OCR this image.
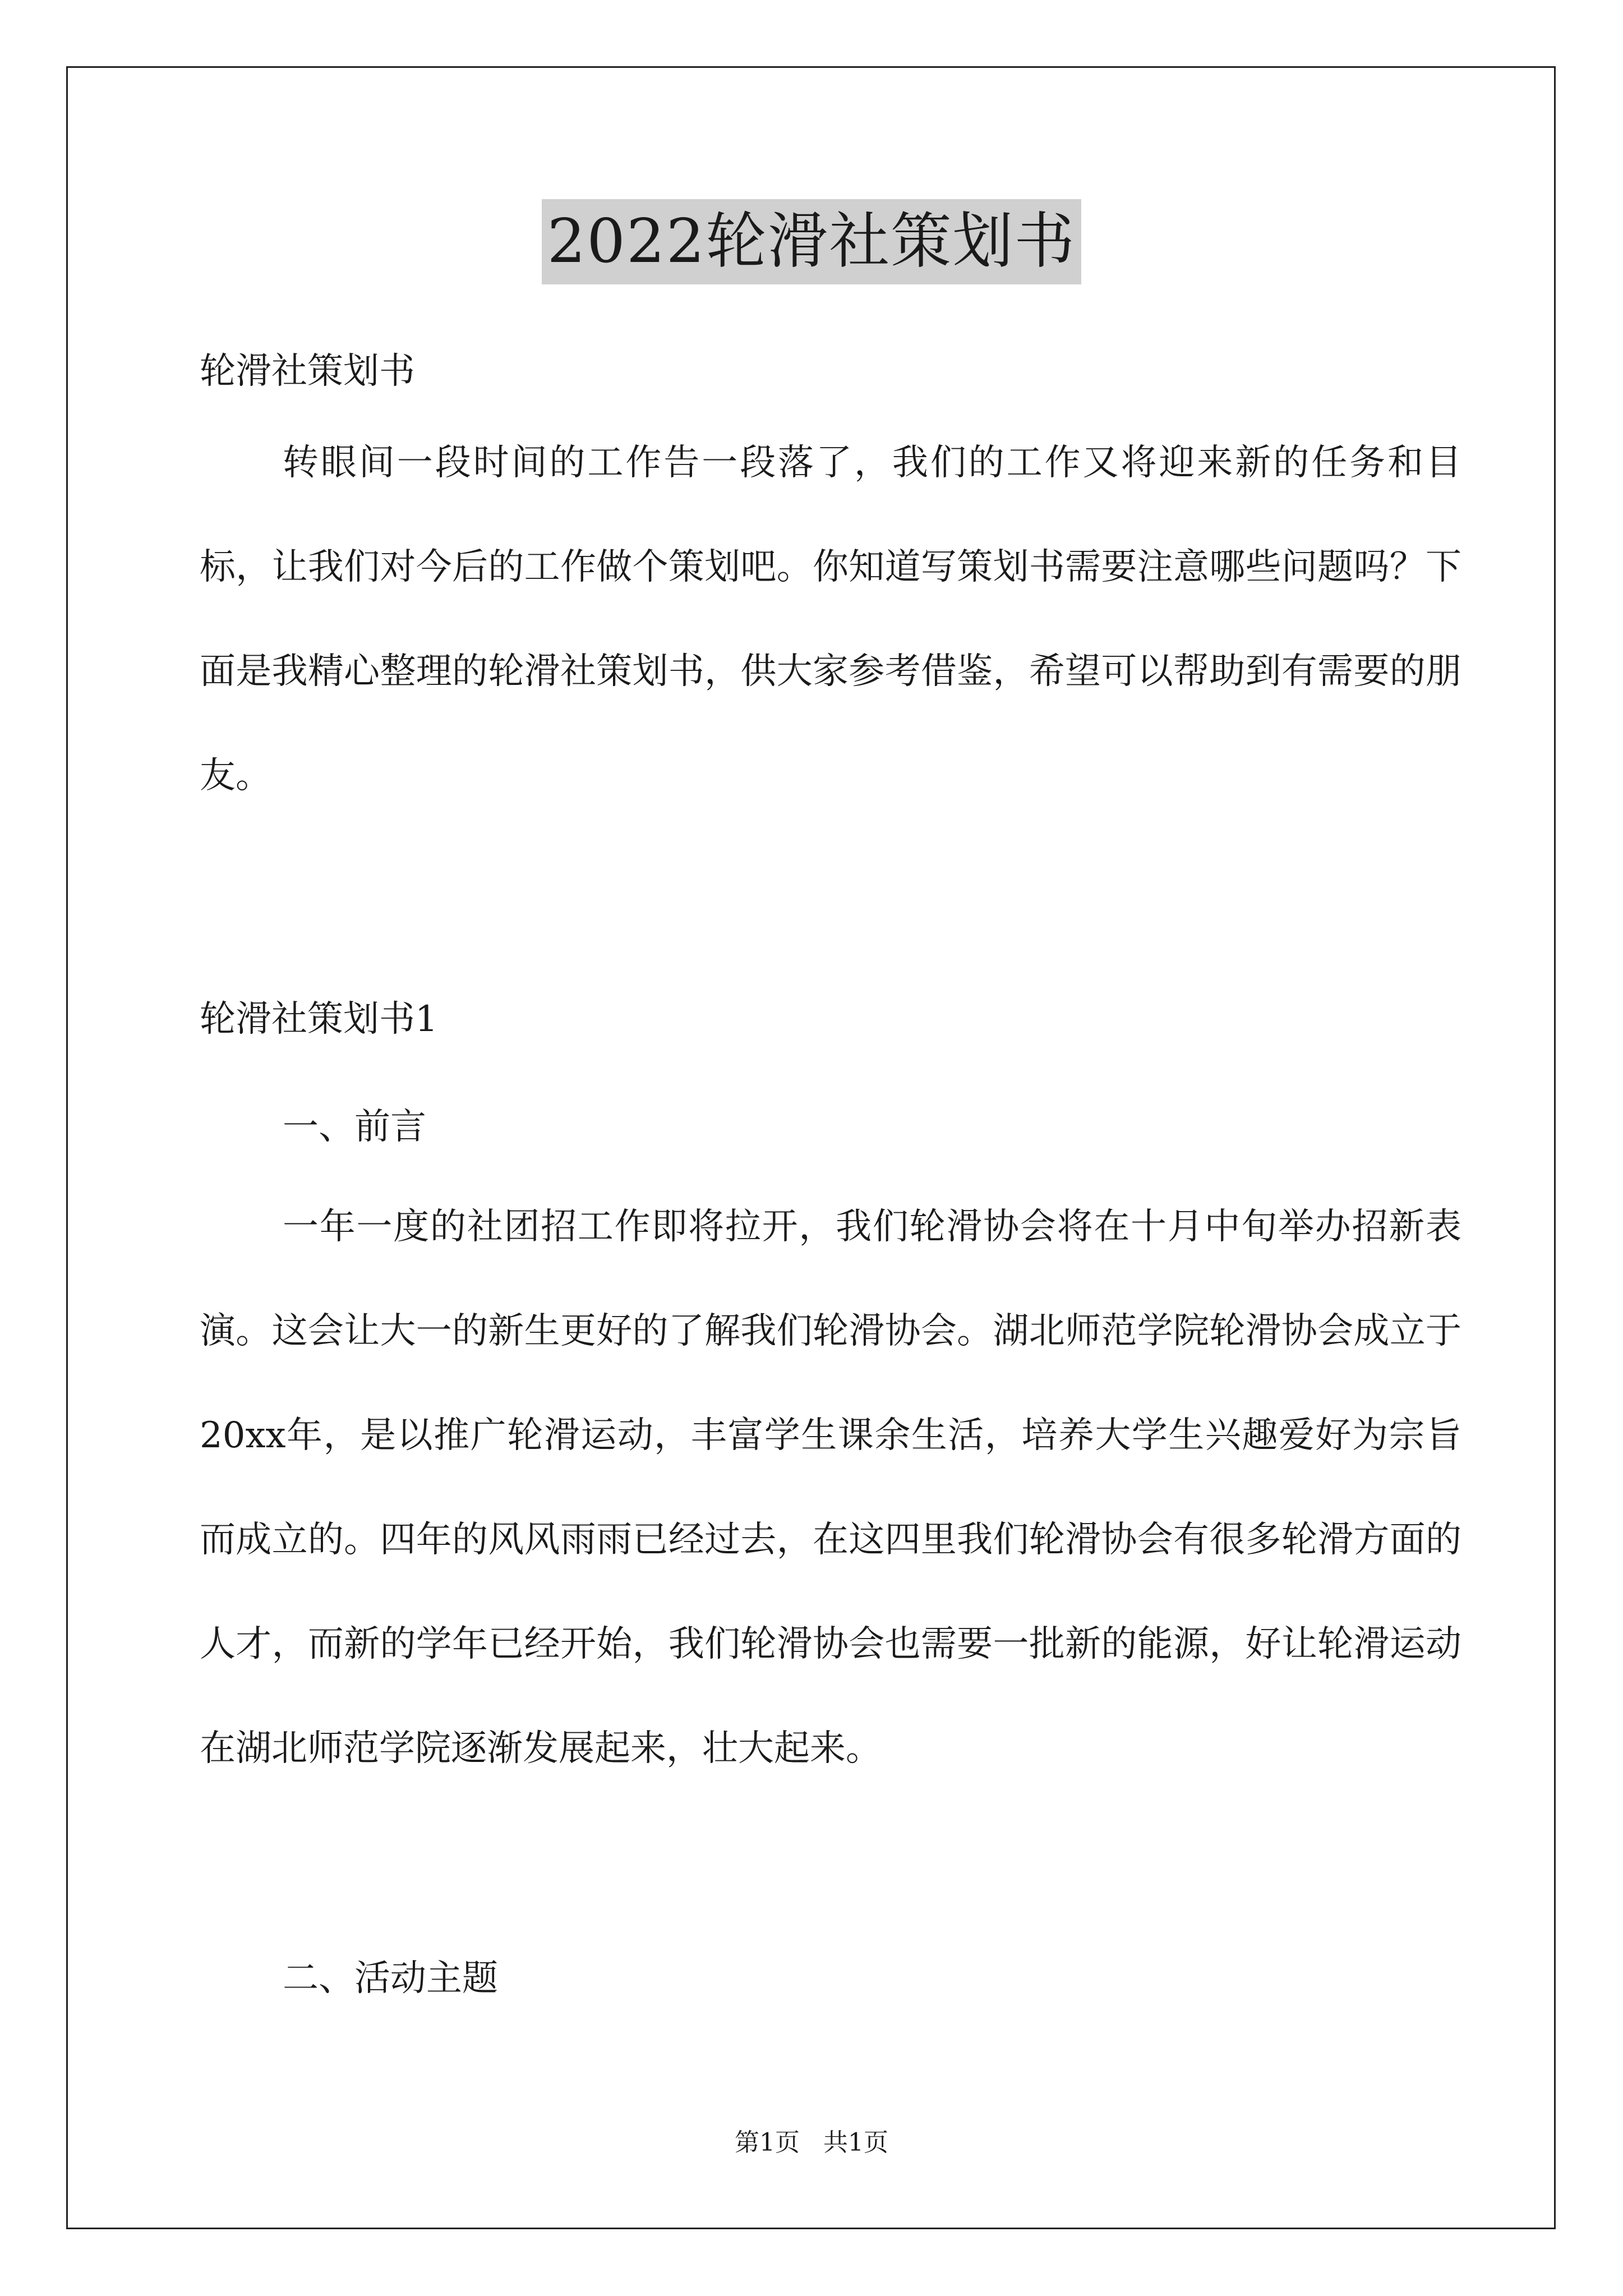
2022轮滑社策划书

轮滑社策划书

转眼间一段时间的工作告一段落了，我们的工作又将迎来新的任务和目标，让我们对今后的工作做个策划吧。你知道写策划书需要注意哪些问题吗？下面是我精心整理的轮滑社策划书，供大家参考借鉴，希望可以帮助到有需要的朋友。

轮滑社策划书1

一、前言

一年一度的社团招工作即将拉开，我们轮滑协会将在十月中旬举办招新表演。这会让大一的新生更好的了解我们轮滑协会。湖北师范学院轮滑协会成立于20xx年，是以推广轮滑运动，丰富学生课余生活，培养大学生兴趣爱好为宗旨而成立的。四年的风风雨雨已经过去，在这四里我们轮滑协会有很多轮滑方面的人才，而新的学年已经开始，我们轮滑协会也需要一批新的能源，好让轮滑运动在湖北师范学院逐渐发展起来，壮大起来。

二、活动主题

第1页 共1页
